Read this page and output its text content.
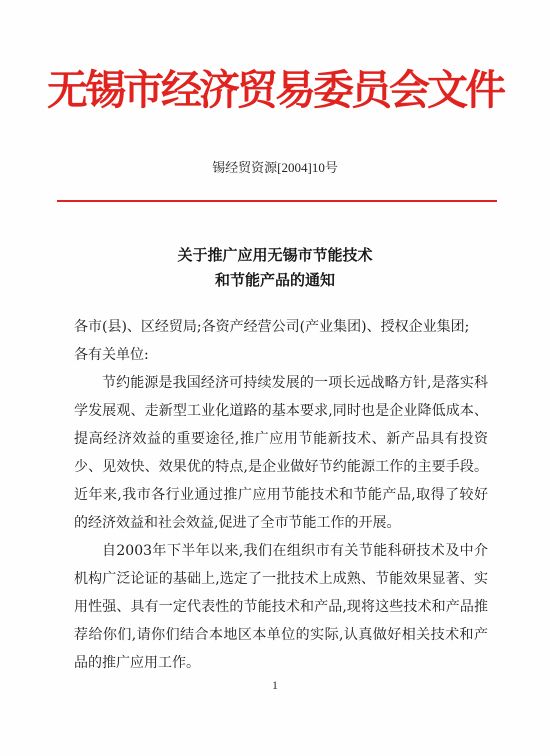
无锡市经济贸易委员会文件
锡经贸资源[2004]10号
关于推广应用无锡市节能技术
和节能产品的通知
各市(县)、区经贸局;各资产经营公司(产业集团)、授权企业集团;
各有关单位:

节约能源是我国经济可持续发展的一项长远战略方针,是落实科学发展观、走新型工业化道路的基本要求,同时也是企业降低成本、提高经济效益的重要途径,推广应用节能新技术、新产品具有投资少、见效快、效果优的特点,是企业做好节约能源工作的主要手段。近年来,我市各行业通过推广应用节能技术和节能产品,取得了较好的经济效益和社会效益,促进了全市节能工作的开展。

自2003年下半年以来,我们在组织市有关节能科研技术及中介机构广泛论证的基础上,选定了一批技术上成熟、节能效果显著、实用性强、具有一定代表性的节能技术和产品,现将这些技术和产品推荐给你们,请你们结合本地区本单位的实际,认真做好相关技术和产品的推广应用工作。

1
